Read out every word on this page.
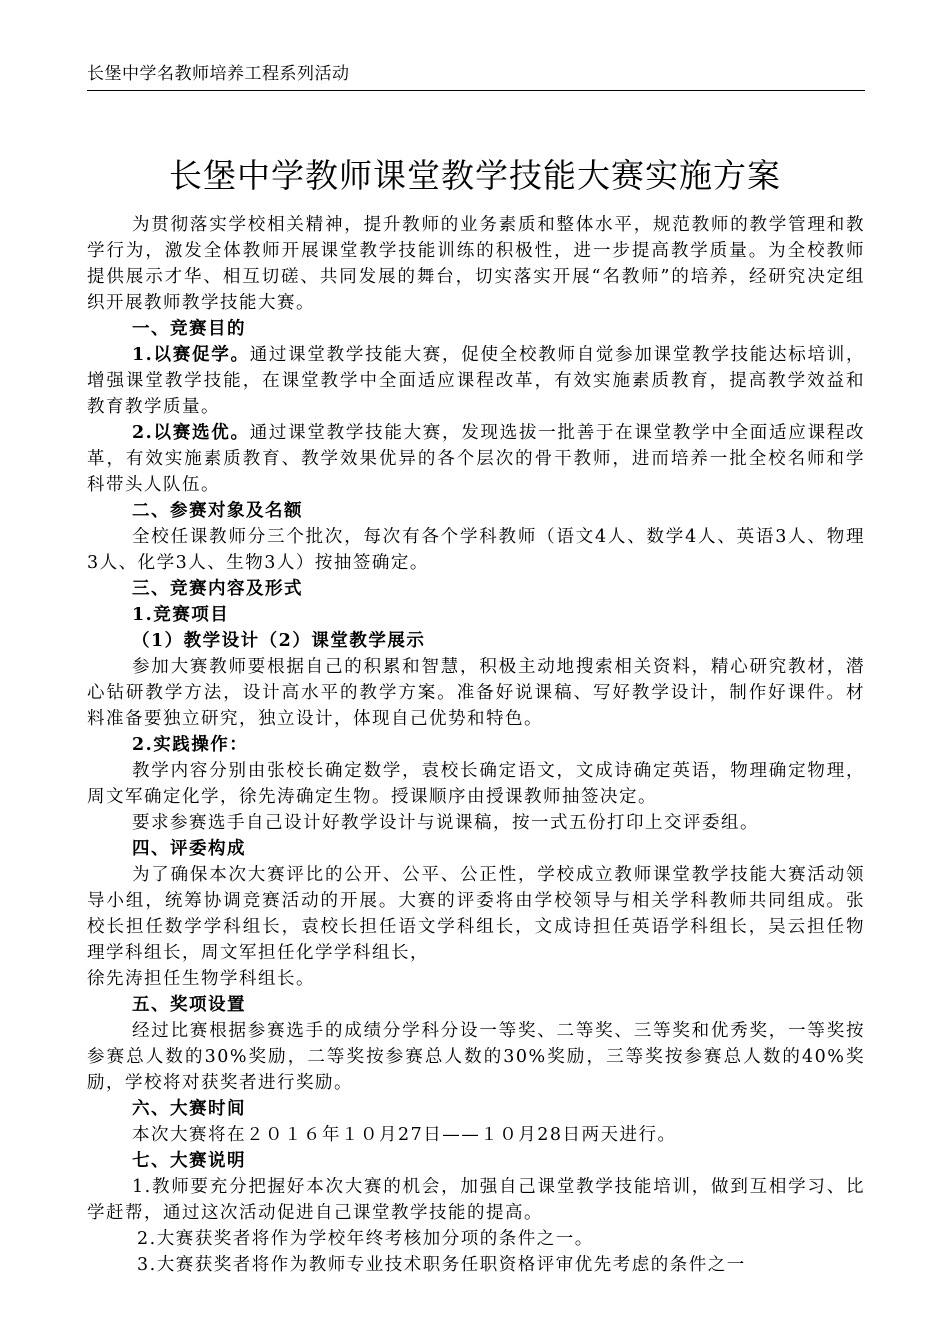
长堡中学名教师培养工程系列活动
长堡中学教师课堂教学技能大赛实施方案

为贯彻落实学校相关精神，提升教师的业务素质和整体水平，规范教师的教学管理和教学行为，激发全体教师开展课堂教学技能训练的积极性，进一步提高教学质量。为全校教师提供展示才华、相互切磋、共同发展的舞台，切实落实开展“名教师”的培养，经研究决定组织开展教师教学技能大赛。

一、竞赛目的

1.以赛促学。通过课堂教学技能大赛，促使全校教师自觉参加课堂教学技能达标培训，增强课堂教学技能，在课堂教学中全面适应课程改革，有效实施素质教育，提高教学效益和教育教学质量。

2.以赛选优。通过课堂教学技能大赛，发现选拔一批善于在课堂教学中全面适应课程改革，有效实施素质教育、教学效果优异的各个层次的骨干教师，进而培养一批全校名师和学科带头人队伍。

二、参赛对象及名额

全校任课教师分三个批次，每次有各个学科教师（语文4人、数学4人、英语3人、物理3人、化学3人、生物3人）按抽签确定。

三、竞赛内容及形式

1.竞赛项目

（1）教学设计（2）课堂教学展示

参加大赛教师要根据自己的积累和智慧，积极主动地搜索相关资料，精心研究教材，潜心钻研教学方法，设计高水平的教学方案。准备好说课稿、写好教学设计，制作好课件。材料准备要独立研究，独立设计，体现自己优势和特色。

2.实践操作：

教学内容分别由张校长确定数学，袁校长确定语文，文成诗确定英语，物理确定物理，周文军确定化学，徐先涛确定生物。授课顺序由授课教师抽签决定。

要求参赛选手自己设计好教学设计与说课稿，按一式五份打印上交评委组。

四、评委构成

为了确保本次大赛评比的公开、公平、公正性，学校成立教师课堂教学技能大赛活动领导小组，统筹协调竞赛活动的开展。大赛的评委将由学校领导与相关学科教师共同组成。张校长担任数学学科组长，袁校长担任语文学科组长，文成诗担任英语学科组长，吴云担任物理学科组长，周文军担任化学学科组长，

徐先涛担任生物学科组长。

五、奖项设置

经过比赛根据参赛选手的成绩分学科分设一等奖、二等奖、三等奖和优秀奖，一等奖按参赛总人数的30%奖励，二等奖按参赛总人数的30%奖励，三等奖按参赛总人数的40%奖励，学校将对获奖者进行奖励。

六、大赛时间

本次大赛将在２０１６年１０月27日——１０月28日两天进行。

七、大赛说明

1.教师要充分把握好本次大赛的机会，加强自己课堂教学技能培训，做到互相学习、比学赶帮，通过这次活动促进自己课堂教学技能的提高。

2.大赛获奖者将作为学校年终考核加分项的条件之一。

3.大赛获奖者将作为教师专业技术职务任职资格评审优先考虑的条件之一
